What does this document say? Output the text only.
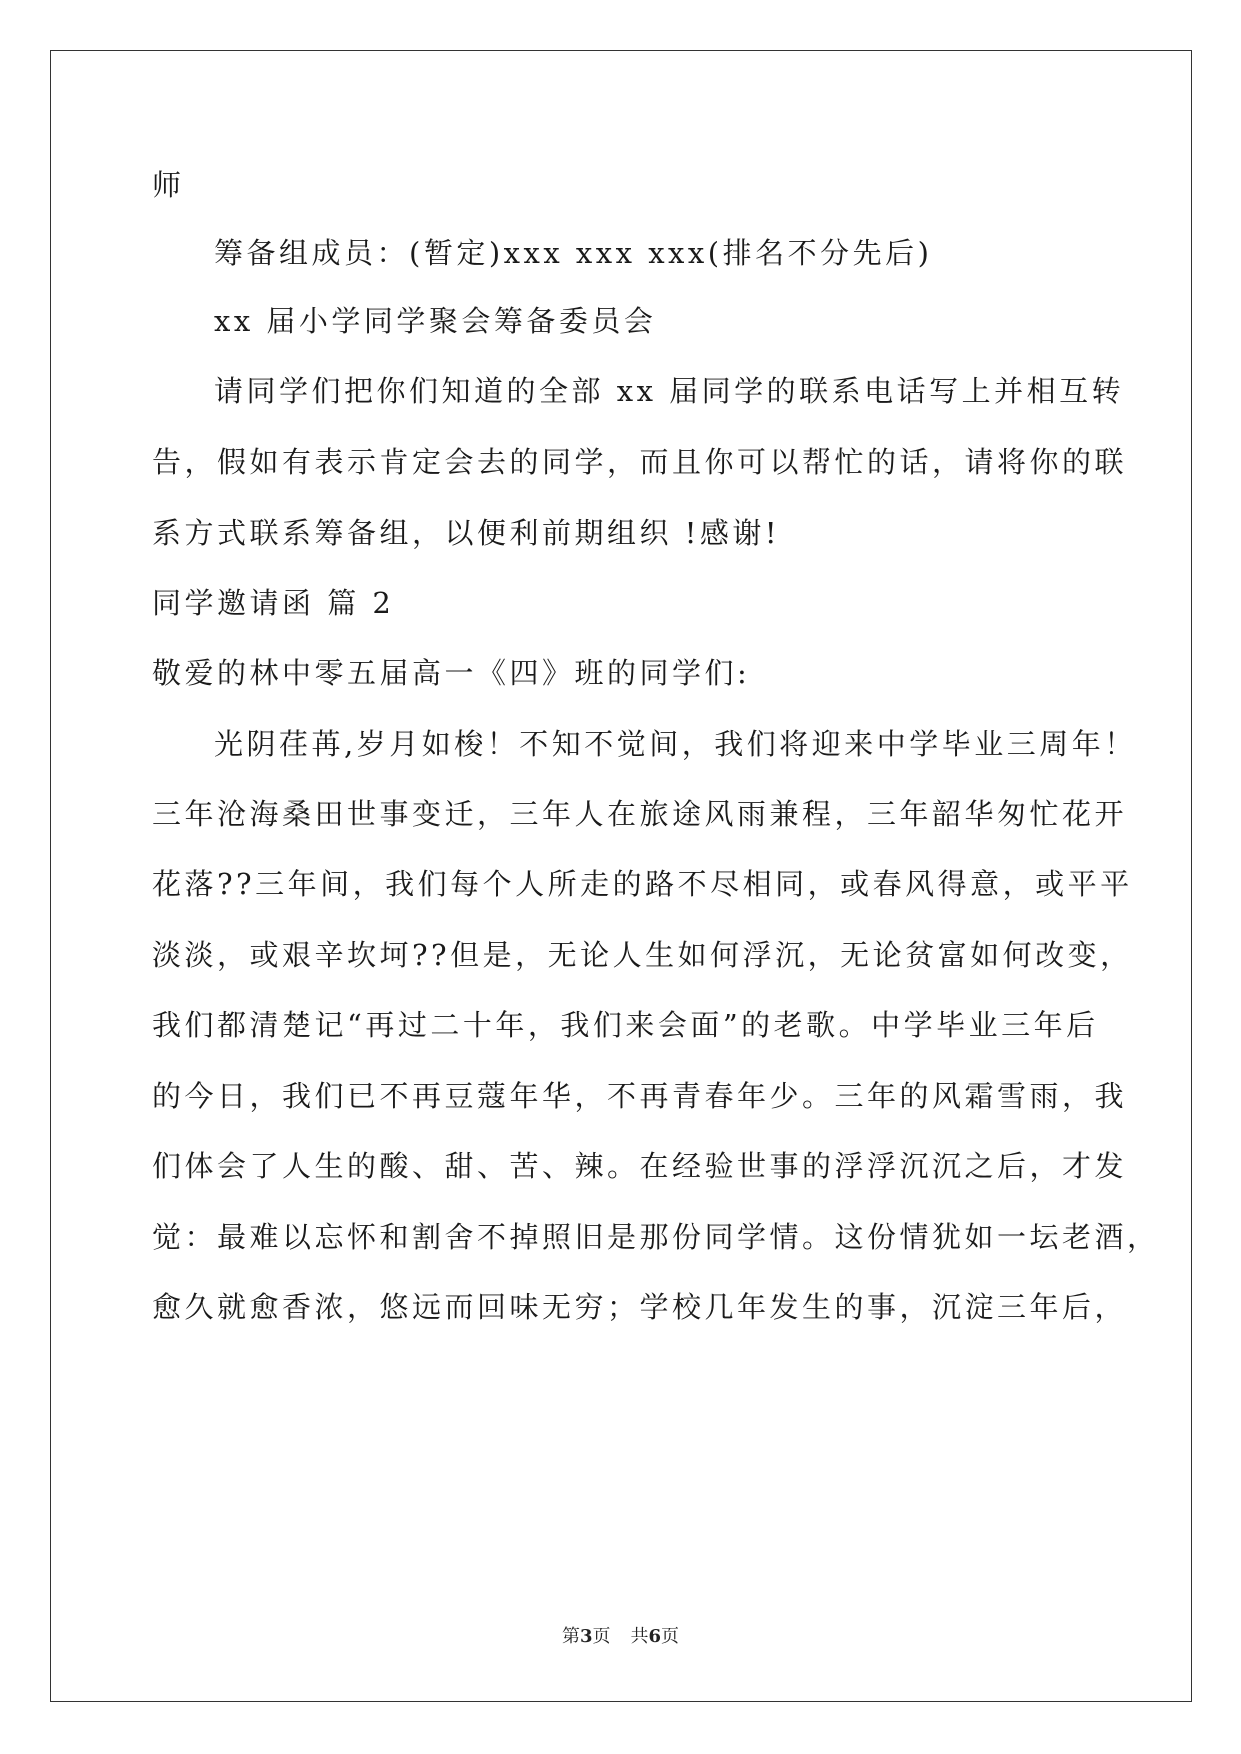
师
筹备组成员：(暂定)xxx xxx xxx(排名不分先后)
xx 届小学同学聚会筹备委员会
请同学们把你们知道的全部 xx 届同学的联系电话写上并相互转
告，假如有表示肯定会去的同学，而且你可以帮忙的话，请将你的联
系方式联系筹备组，以便利前期组织 !感谢!
同学邀请函 篇 2
敬爱的林中零五届高一《四》班的同学们:
光阴荏苒,岁月如梭！不知不觉间，我们将迎来中学毕业三周年！
三年沧海桑田世事变迁，三年人在旅途风雨兼程，三年韶华匆忙花开
花落??三年间，我们每个人所走的路不尽相同，或春风得意，或平平
淡淡，或艰辛坎坷??但是，无论人生如何浮沉，无论贫富如何改变，
我们都清楚记“再过二十年，我们来会面”的老歌。中学毕业三年后
的今日，我们已不再豆蔻年华，不再青春年少。三年的风霜雪雨，我
们体会了人生的酸、甜、苦、辣。在经验世事的浮浮沉沉之后，才发
觉：最难以忘怀和割舍不掉照旧是那份同学情。这份情犹如一坛老酒，
愈久就愈香浓，悠远而回味无穷；学校几年发生的事，沉淀三年后，
第3页 共6页
